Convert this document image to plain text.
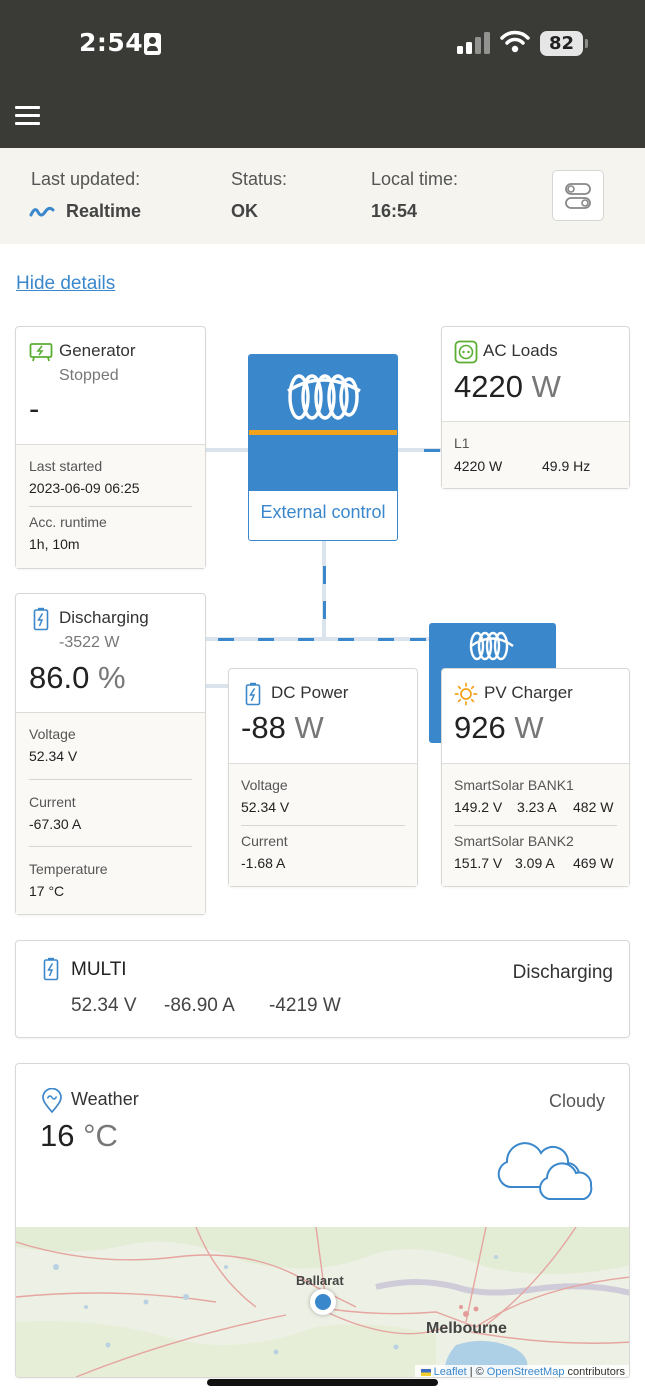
2:54	82
Last updated:
Realtime
Status:
OK
Local time:
16:54
Hide details
Generator
Stopped
-
Last started
2023-06-09 06:25
Acc. runtime
1h, 10m
External control
AC Loads
4220 W
L1
4220 W	49.9 Hz
Discharging
-3522 W
86.0 %
Voltage
52.34 V
Current
-67.30 A
Temperature
17 °C
DC Power
-88 W
Voltage
52.34 V
Current
-1.68 A
PV Charger
926 W
SmartSolar BANK1
149.2 V 3.23 A 482 W
SmartSolar BANK2
151.7 V 3.09 A 469 W
MULTI	Discharging
52.34 V -86.90 A -4219 W
Weather	Cloudy
16 °C
Ballarat
Melbourne
Leaflet | © OpenStreetMap contributors
